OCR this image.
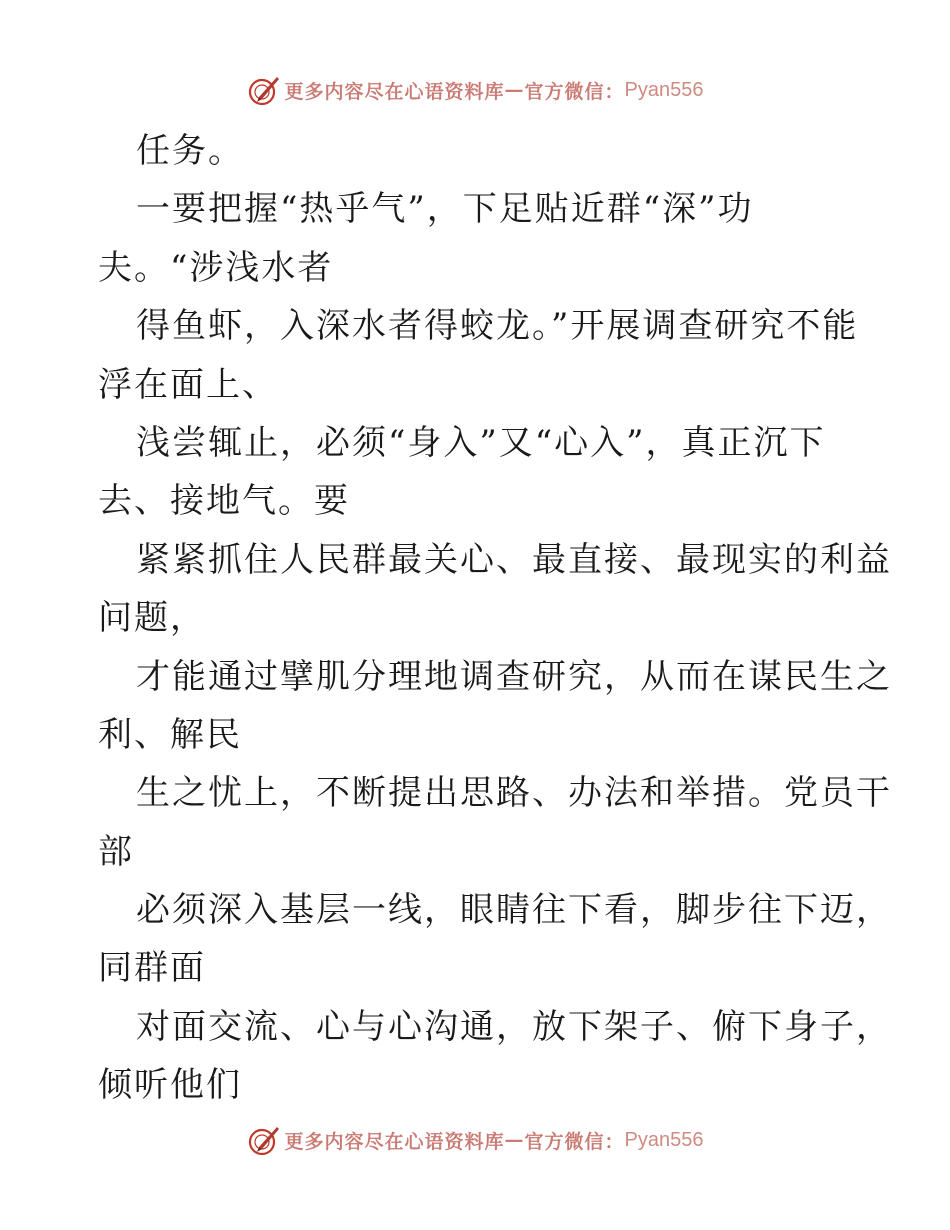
更多内容尽在心语资料库 — 官方微信： Pyan556
任务。
一要把握“热乎气”，下足贴近群“深”功
夫。“涉浅水者
得鱼虾，入深水者得蛟龙。”开展调查研究不能
浮在面上、
浅尝辄止，必须“身入”又“心入”，真正沉下
去、接地气。要
紧紧抓住人民群最关心、最直接、最现实的利益
问题，
才能通过擘肌分理地调查研究，从而在谋民生之
利、解民
生之忧上，不断提出思路、办法和举措。党员干
部
必须深入基层一线，眼睛往下看，脚步往下迈，
同群面
对面交流、心与心沟通，放下架子、俯下身子，
倾听他们
更多内容尽在心语资料库 — 官方微信： Pyan556
